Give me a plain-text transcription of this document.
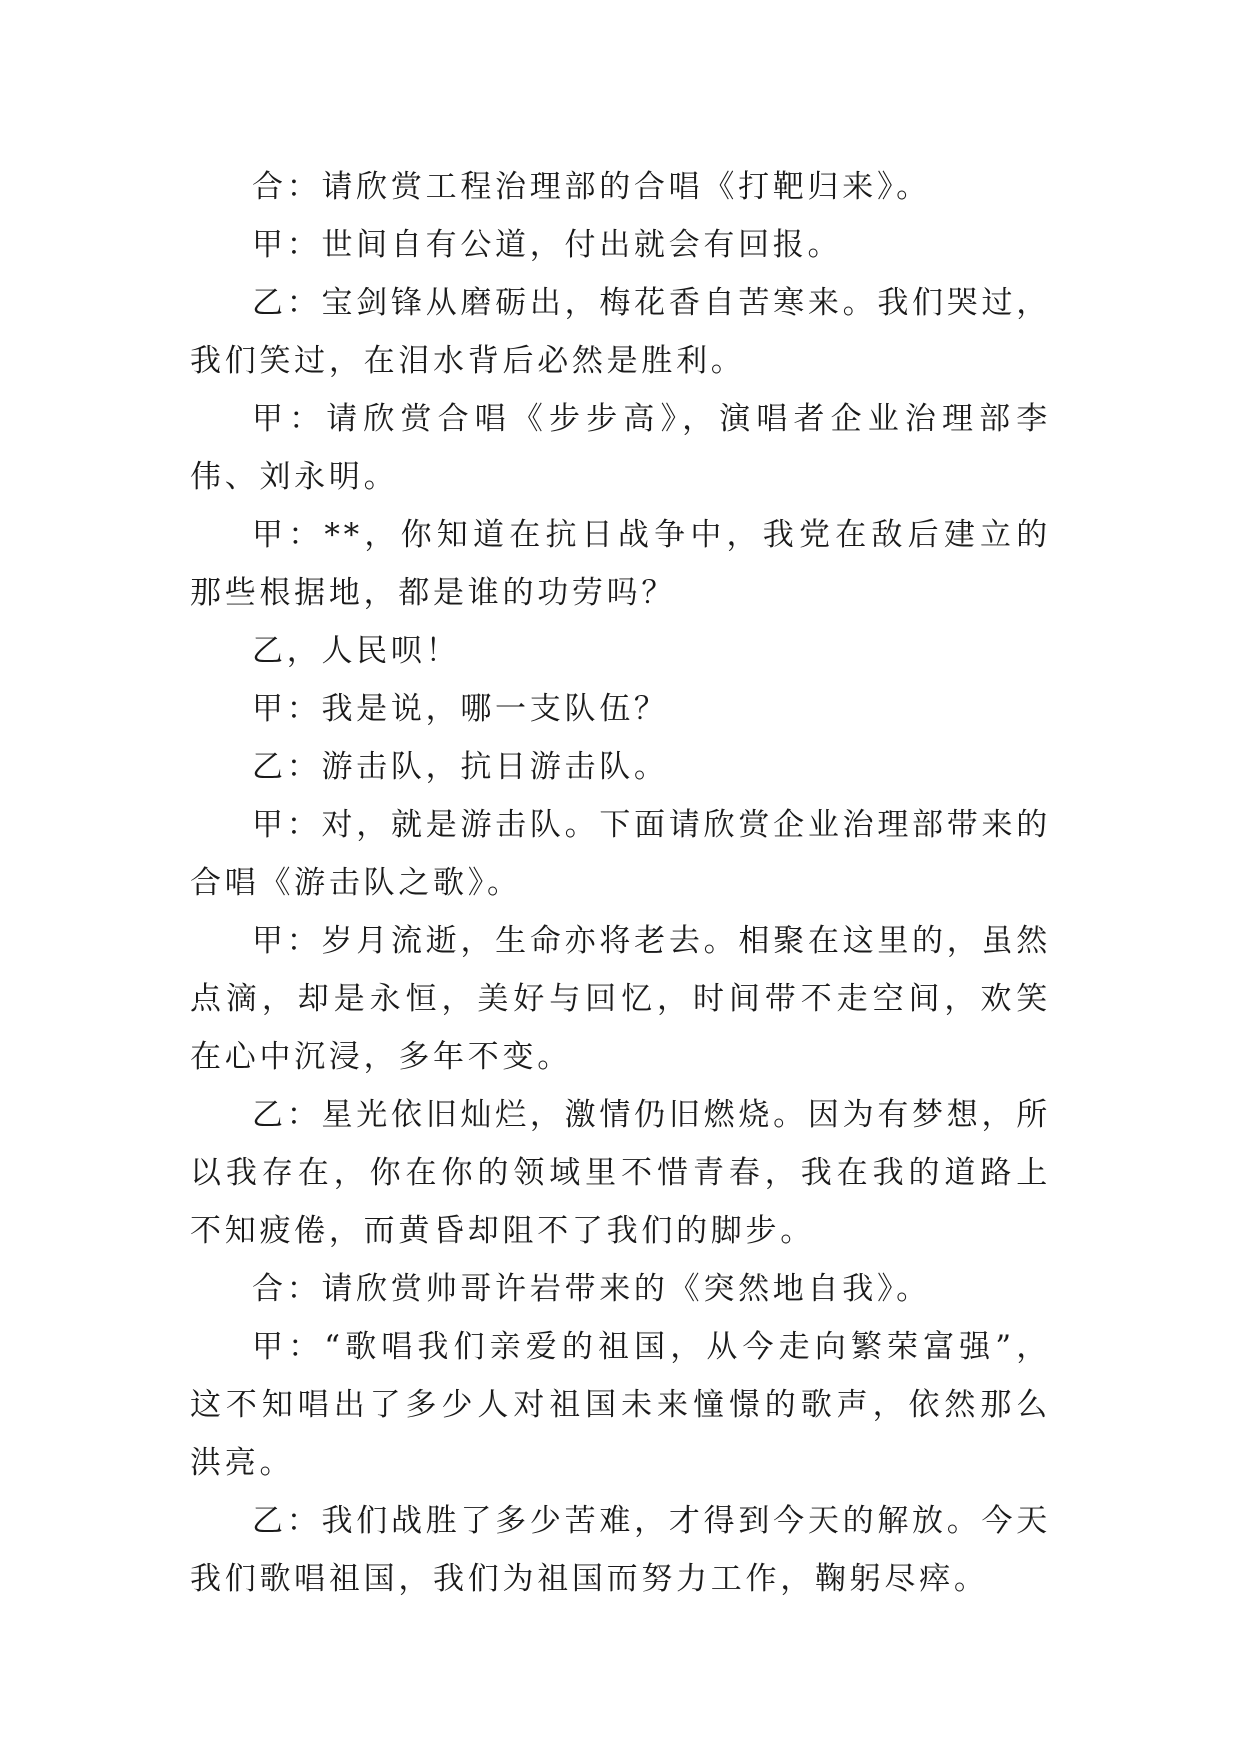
合：请欣赏工程治理部的合唱《打靶归来》。

甲：世间自有公道，付出就会有回报。

乙：宝剑锋从磨砺出，梅花香自苦寒来。我们哭过，我们笑过，在泪水背后必然是胜利。

甲：请欣赏合唱《步步高》，演唱者企业治理部李伟、刘永明。

甲：**，你知道在抗日战争中，我党在敌后建立的那些根据地，都是谁的功劳吗？

乙，人民呗！

甲：我是说，哪一支队伍？

乙：游击队，抗日游击队。

甲：对，就是游击队。下面请欣赏企业治理部带来的合唱《游击队之歌》。

甲：岁月流逝，生命亦将老去。相聚在这里的，虽然点滴，却是永恒，美好与回忆，时间带不走空间，欢笑在心中沉浸，多年不变。

乙：星光依旧灿烂，激情仍旧燃烧。因为有梦想，所以我存在，你在你的领域里不惜青春，我在我的道路上不知疲倦，而黄昏却阻不了我们的脚步。

合：请欣赏帅哥许岩带来的《突然地自我》。

甲：“歌唱我们亲爱的祖国，从今走向繁荣富强”，这不知唱出了多少人对祖国未来憧憬的歌声，依然那么洪亮。

乙：我们战胜了多少苦难，才得到今天的解放。今天我们歌唱祖国，我们为祖国而努力工作，鞠躬尽瘁。
